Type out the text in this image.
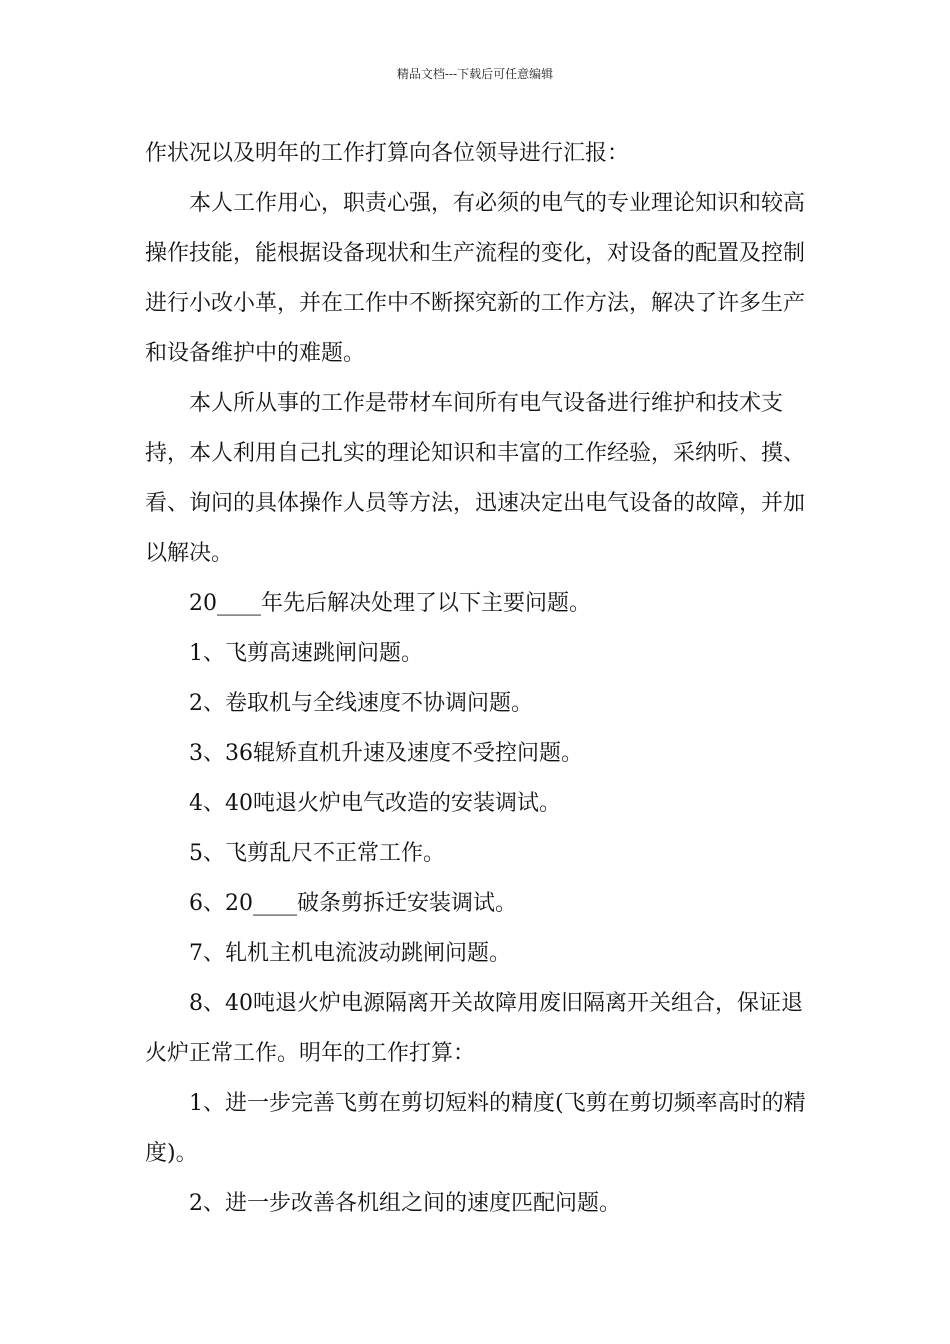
精品文档---下载后可任意编辑

作状况以及明年的工作打算向各位领导进行汇报：

本人工作用心，职责心强，有必须的电气的专业理论知识和较高操作技能，能根据设备现状和生产流程的变化，对设备的配置及控制进行小改小革，并在工作中不断探究新的工作方法，解决了许多生产和设备维护中的难题。

本人所从事的工作是带材车间所有电气设备进行维护和技术支持，本人利用自己扎实的理论知识和丰富的工作经验，采纳听、摸、看、询问的具体操作人员等方法，迅速决定出电气设备的故障，并加以解决。

20____年先后解决处理了以下主要问题。

1、飞剪高速跳闸问题。

2、卷取机与全线速度不协调问题。

3、36辊矫直机升速及速度不受控问题。

4、40吨退火炉电气改造的安装调试。

5、飞剪乱尺不正常工作。

6、20____破条剪拆迁安装调试。

7、轧机主机电流波动跳闸问题。

8、40吨退火炉电源隔离开关故障用废旧隔离开关组合，保证退火炉正常工作。明年的工作打算：

1、进一步完善飞剪在剪切短料的精度(飞剪在剪切频率高时的精度)。

2、进一步改善各机组之间的速度匹配问题。
